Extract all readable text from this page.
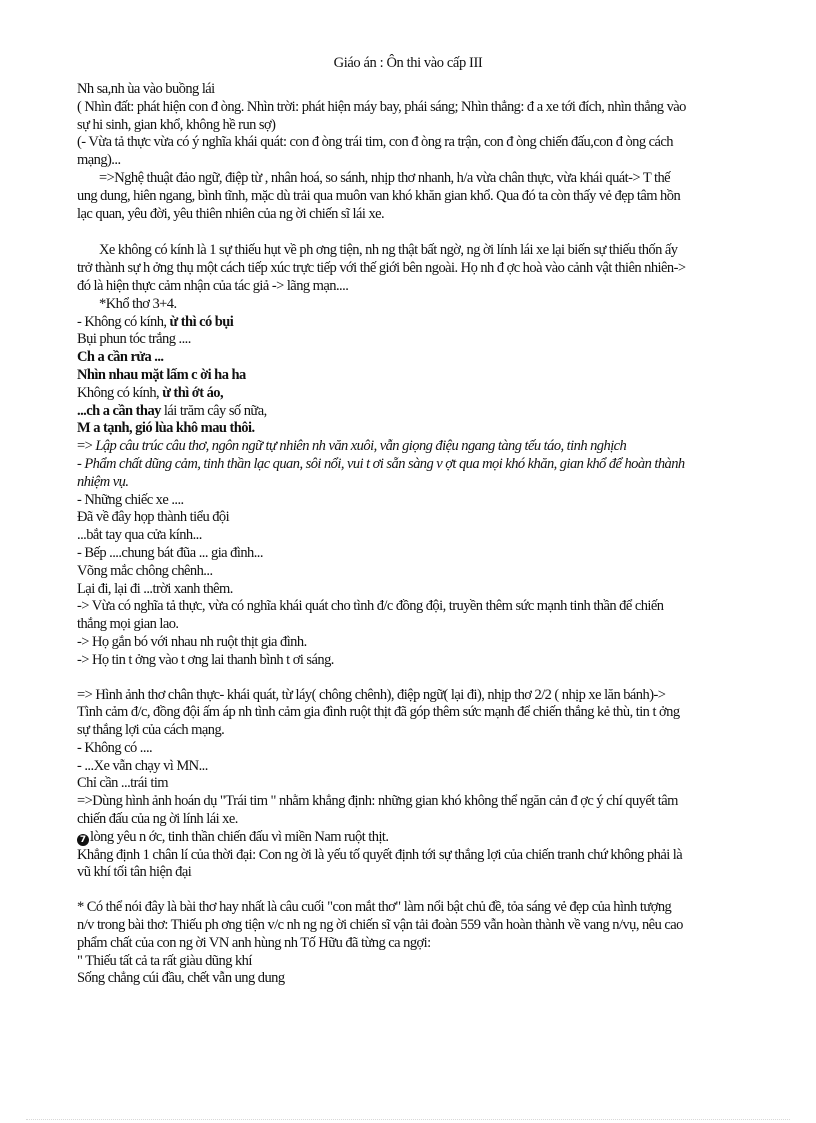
Giáo án : Ôn thi vào cấp III

Nh sa,nh ùa vào buồng lái

( Nhìn đất: phát hiện con đ òng. Nhìn trời: phát hiện máy bay, phái sáng; Nhìn thẳng: đ a xe tới đích, nhìn thẳng vào sự hi sinh, gian khổ, không hề run sợ)

(- Vừa tả thực vừa có ý nghĩa khái quát: con đ òng trái tim, con đ òng ra trận, con đ òng chiến đấu,con đ òng cách mạng)...

=>Nghệ thuật đảo ngữ, điệp từ , nhân hoá, so sánh, nhịp thơ nhanh, h/a vừa chân thực, vừa khái quát-> T thế ung dung, hiên ngang, bình tĩnh, mặc dù trải qua muôn van khó khăn gian khổ. Qua đó ta còn thấy vẻ đẹp tâm hồn lạc quan, yêu đời, yêu thiên nhiên của ng ời chiến sĩ lái xe.

Xe không có kính là 1 sự thiếu hụt về ph ơng tiện, nh ng thật bất ngờ, ng ời lính lái xe lại biến sự thiếu thốn ấy trở thành sự h ởng thụ một cách tiếp xúc trực tiếp với thế giới bên ngoài. Họ nh đ ợc hoà vào cảnh vật thiên nhiên-> đó là hiện thực cảm nhận của tác giả -> lãng mạn....

*Khổ thơ 3+4.

- Không có kính, ừ thì có bụi

Bụi phun tóc trắng ....

Ch a cần rửa ...

Nhìn nhau mặt lấm c ời ha ha

Không có kính, ừ thì ớt áo,

...ch a cần thay lái trăm cây số nữa,

M a tạnh, gió lùa khô mau thôi.

=> Lập câu trúc câu thơ, ngôn ngữ tự nhiên nh văn xuôi, vẫn giọng điệu ngang tàng tếu táo, tinh nghịch

- Phẩm chất dũng cảm, tinh thần lạc quan, sôi nổi, vui t ơi sẵn sàng v ợt qua mọi khó khăn, gian khổ để hoàn thành nhiệm vụ.

- Những chiếc xe ....

Đã về đây họp thành tiểu đội

...bắt tay qua cửa kính...

- Bếp ....chung bát đũa ... gia đình...

Võng mắc chông chênh...

Lại đi, lại đi ...trời xanh thêm.

-> Vừa có nghĩa tả thực, vừa có nghĩa khái quát cho tình đ/c đồng đội, truyền thêm sức mạnh tinh thần để chiến thắng mọi gian lao.

-> Họ gắn bó với nhau nh ruột thịt gia đình.

-> Họ tin t ởng vào t ơng lai thanh bình t ơi sáng.

=> Hình ảnh thơ chân thực- khái quát, từ láy( chông chênh), điệp ngữ( lại đi), nhịp thơ 2/2 ( nhịp xe lăn bánh)-> Tình cảm đ/c, đồng đội ấm áp nh tình cảm gia đình ruột thịt đã góp thêm sức mạnh để chiến thắng kẻ thù, tin t ởng sự thắng lợi của cách mạng.

- Không có ....

- ...Xe vẫn chạy vì MN...

Chỉ cần ...trái tim

=>Dùng hình ảnh hoán dụ "Trái tim " nhằm khẳng định: những gian khó không thể ngăn cản đ ợc ý chí quyết tâm chiến đấu của ng ời lính lái xe.

7 lòng yêu n ớc, tinh thần chiến đấu vì miền Nam ruột thịt.

Khẳng định 1 chân lí của thời đại: Con ng ời là yếu tố quyết định tới sự thắng lợi của chiến tranh chứ không phải là vũ khí tối tân hiện đại

* Có thể nói đây là bài thơ hay nhất là câu cuối "con mắt thơ" làm nổi bật chủ đề, tỏa sáng vẻ đẹp của hình tượng n/v trong bài thơ: Thiếu ph ơng tiện v/c nh ng ng ời chiến sĩ vận tải đoàn 559 vẫn hoàn thành về vang n/vụ, nêu cao phẩm chất của con ng ời VN anh hùng nh Tố Hữu đã từng ca ngợi:

" Thiếu tất cả ta rất giàu dũng khí

Sống chẳng cúi đầu, chết vẫn ung dung
